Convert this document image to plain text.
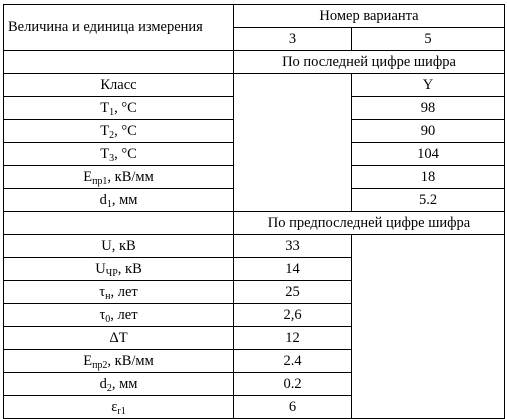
Величина и единица измерения	Номер варианта	
	3	5
	По последней цифре шифра	
Класс		Y
$T_1$, °C		98
$T_2$, °C		90
$T_3$, °C		104
$E_{пр1}$, кВ/мм		18
$d_1$, мм		5.2
	По предпоследней цифре шифра	
U, кВ	33	
$U_{ЧР}$, кВ	14	
$\tau_н$, лет	25	
$\tau_0$, лет	2,6	
ΔT	12	
$E_{пр2}$, кВ/мм	2.4	
$d_2$, мм	0.2	
$\varepsilon_{r1}$	6	
